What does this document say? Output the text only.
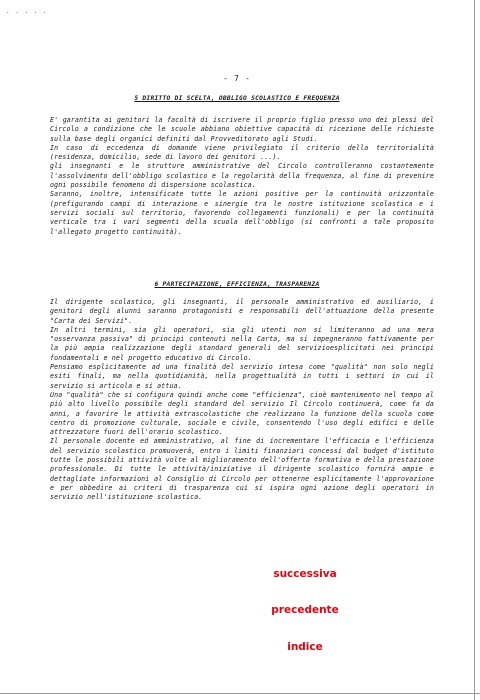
. . . . .
- 7 -
5 DIRITTO DI SCELTA, OBBLIGO SCOLASTICO E FREQUENZA

E' garantita ai genitori la facoltà di iscrivere il proprio figlio presso uno dei plessi del Circolo a condizione che le scuole abbiano obiettive capacità di ricezione delle richieste sulla base degli organici definiti dal Provveditorato agli Studi.

In caso di eccedenza di domande viene privilegiato il criterio della territorialità (residenza, domicilio, sede di lavoro dei genitori ...).

gli insegnanti e le strutture amministrative del Circolo controlleranno costantemente l'assolvimento dell'obbligo scolastico e la regolarità della frequenza, al fine di prevenire ogni possibile fenomeno di dispersione scolastica.

Saranno, inoltre, intensificate tutte le azioni positive per la continuità orizzontale (prefigurando campi di interazione e sinergie tra le nostre istituzione scolastica e i servizi sociali sul territorio, favorendo collegamenti funzionali) e per la continuità verticale tra i vari segmenti della scuola dell'obbligo (si confronti a tale proposito l'allegato progetto continuità).

6 PARTECIPAZIONE, EFFICIENZA, TRASPARENZA

Il dirigente scolastico, gli insegnanti, il personale amministrativo ed ausiliario, i genitori degli alunni saranno protagonisti e responsabili dell'attuazione della presente "Carta dei Servizi".

In altri termini, sia gli operatori, sia gli utenti non si limiteranno ad una mera "osservanza passiva" di principi contenuti nella Carta, ma si impegneranno fattivamente per la più ampia realizzazione degli standard generali del servizioesplicitati nei principi fondamentali e nel progetto educativo di Circolo.

Pensiamo esplicitamente ad una finalità del servizio intesa come "qualità" non solo negli esiti finali, ma nella quotidianità, nella progettualità in tutti i settori in cui il servizio si articola e si attua.

Una "qualità" che si configura quindi anche come "efficienza", cioè mantenimento nel tempo al più alto livello possibile degli standard del servizio Il Circolo continuerà, come fa da anni, a favorire le attività extrascolastiche che realizzano la funzione della scuola come centro di promozione culturale, sociale e civile, consentendo l'uso degli edifici e delle attrezzature fuori dell'orario scolastico.

Il personale docente ed amministrativo, al fine di incrementare l'efficacia e l'efficienza del servizio scolastico promuoverà, entro i limiti finanziari concessi dal budget d'istituto tutte le possibili attività volte al miglioramento dell'offerta formativa e della prestazione professionale. Di tutte le attività/iniziative il dirigente scolastico fornirà ampie e dettagliate informazioni al Consiglio di Circolo per ottenerne esplicitamente l'approvazione e per obbedire ai criteri di trasparenza cui si ispira ogni azione degli operatori in servizio nell'istituzione scolastica.

successiva
precedente
indice
